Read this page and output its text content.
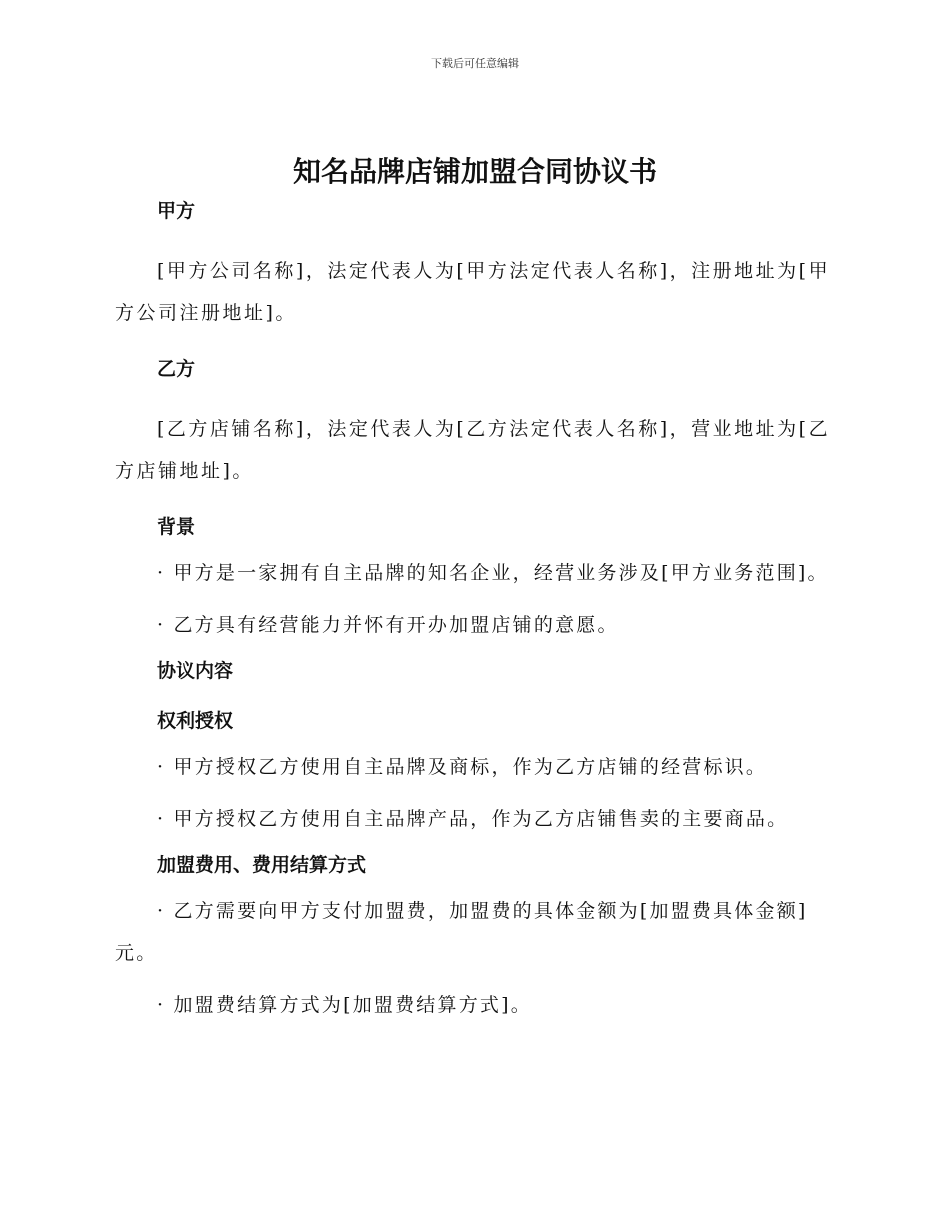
下载后可任意编辑
知名品牌店铺加盟合同协议书
甲方

[甲方公司名称]，法定代表人为[甲方法定代表人名称]，注册地址为[甲方公司注册地址]。

乙方

[乙方店铺名称]，法定代表人为[乙方法定代表人名称]，营业地址为[乙方店铺地址]。

背景

· 甲方是一家拥有自主品牌的知名企业，经营业务涉及[甲方业务范围]。

· 乙方具有经营能力并怀有开办加盟店铺的意愿。

协议内容
权利授权

· 甲方授权乙方使用自主品牌及商标，作为乙方店铺的经营标识。

· 甲方授权乙方使用自主品牌产品，作为乙方店铺售卖的主要商品。

加盟费用、费用结算方式

· 乙方需要向甲方支付加盟费，加盟费的具体金额为[加盟费具体金额]元。

· 加盟费结算方式为[加盟费结算方式]。
